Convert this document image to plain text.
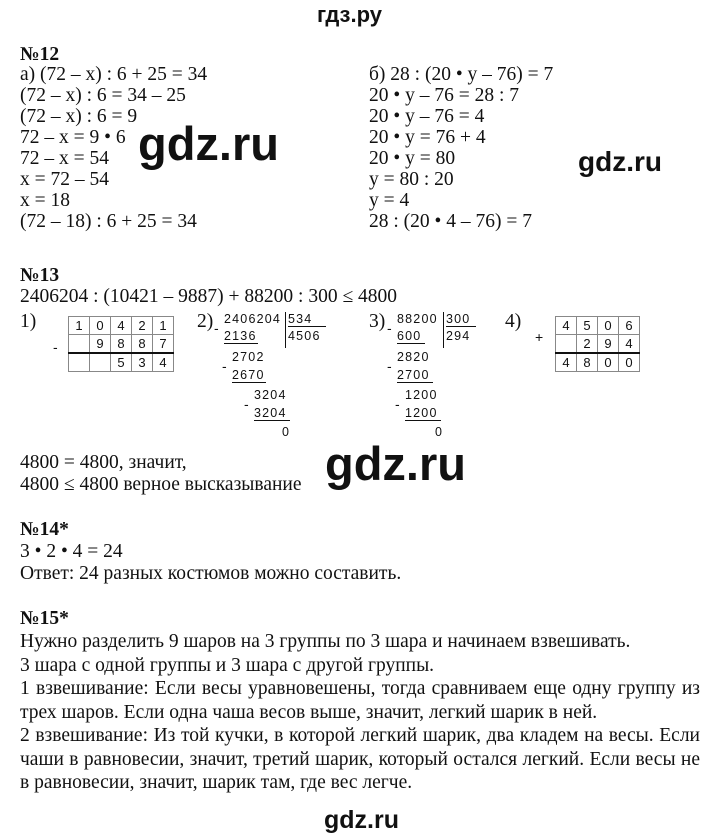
гдз.ру
№12
а) (72 – x) : 6 + 25 = 34
(72 – x) : 6 = 34 – 25
(72 – x) : 6 = 9
72 – x = 9 • 6
72 – x = 54
x = 72 – 54
x = 18
(72 – 18) : 6 + 25 = 34
б) 28 : (20 • y – 76) = 7
20 • y – 76 = 28 : 7
20 • y – 76 = 4
20 • y = 76 + 4
20 • y = 80
y = 80 : 20
y = 4
28 : (20 • 4 – 76) = 7
gdz.ru	gdz.ru
№13
2406204 : (10421 – 9887) + 88200 : 300 ≤ 4800
1)
-
1	0	4	2	1
	9	8	8	7
		5	3	4
2) 2406204 534
4506
- 2136
2702
-
2670
3204
-
3204
0
3) 88200 300
294
- 600
2820
-
2700
1200
-
1200
0
4)
+
4	5	0	6
	2	9	4
4	8	0	0
4800 = 4800, значит,
4800 ≤ 4800 верное высказывание gdz.ru
№14*
3 • 2 • 4 = 24
Ответ: 24 разных костюмов можно составить.
№15*
Нужно разделить 9 шаров на 3 группы по 3 шара и начинаем взвешивать.
3 шара с одной группы и 3 шара с другой группы.
1 взвешивание: Если весы уравновешены, тогда сравниваем еще одну группу из трех шаров. Если одна чаша весов выше, значит, легкий шарик в ней.
2 взвешивание: Из той кучки, в которой легкий шарик, два кладем на весы. Если чаши в равновесии, значит, третий шарик, который остался легкий. Если весы не в равновесии, значит, шарик там, где вес легче.
gdz.ru
